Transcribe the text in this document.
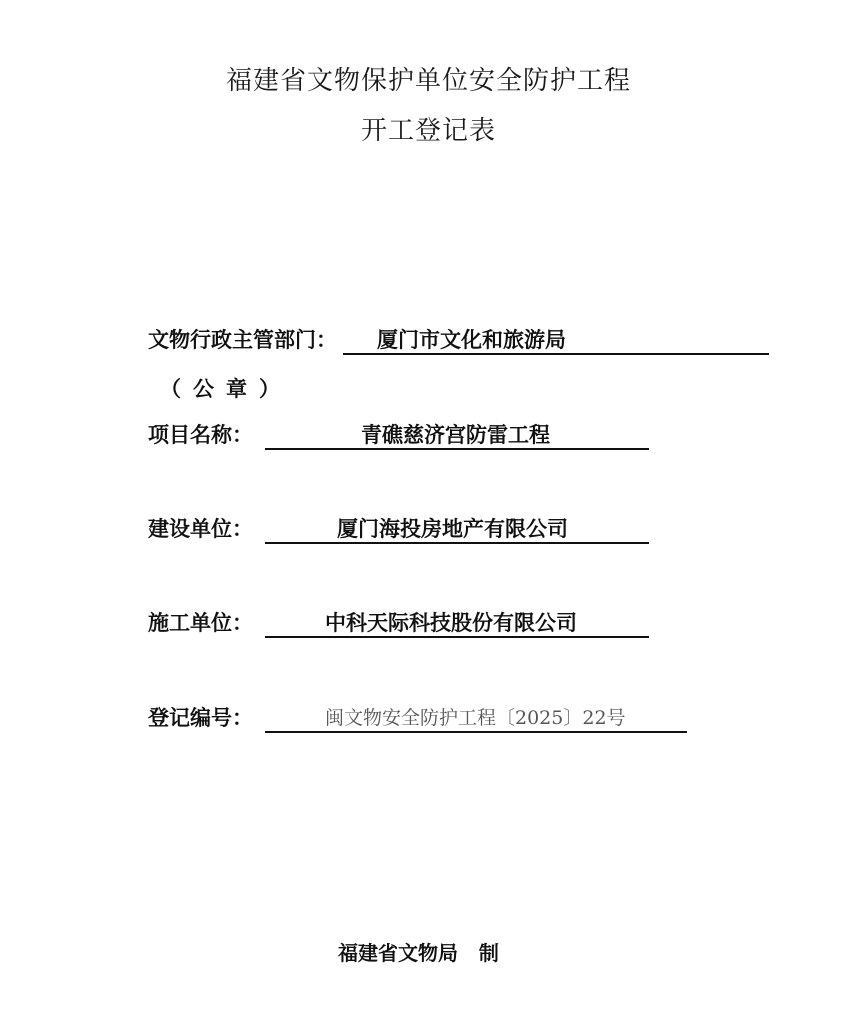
福建省文物保护单位安全防护工程
开工登记表
文物行政主管部门： 厦门市文化和旅游局
（公章）
项目名称：	青礁慈济宫防雷工程
建设单位：	厦门海投房地产有限公司
施工单位：	中科天际科技股份有限公司
登记编号：	闽文物安全防护工程〔2025〕22号
福建省文物局   制
